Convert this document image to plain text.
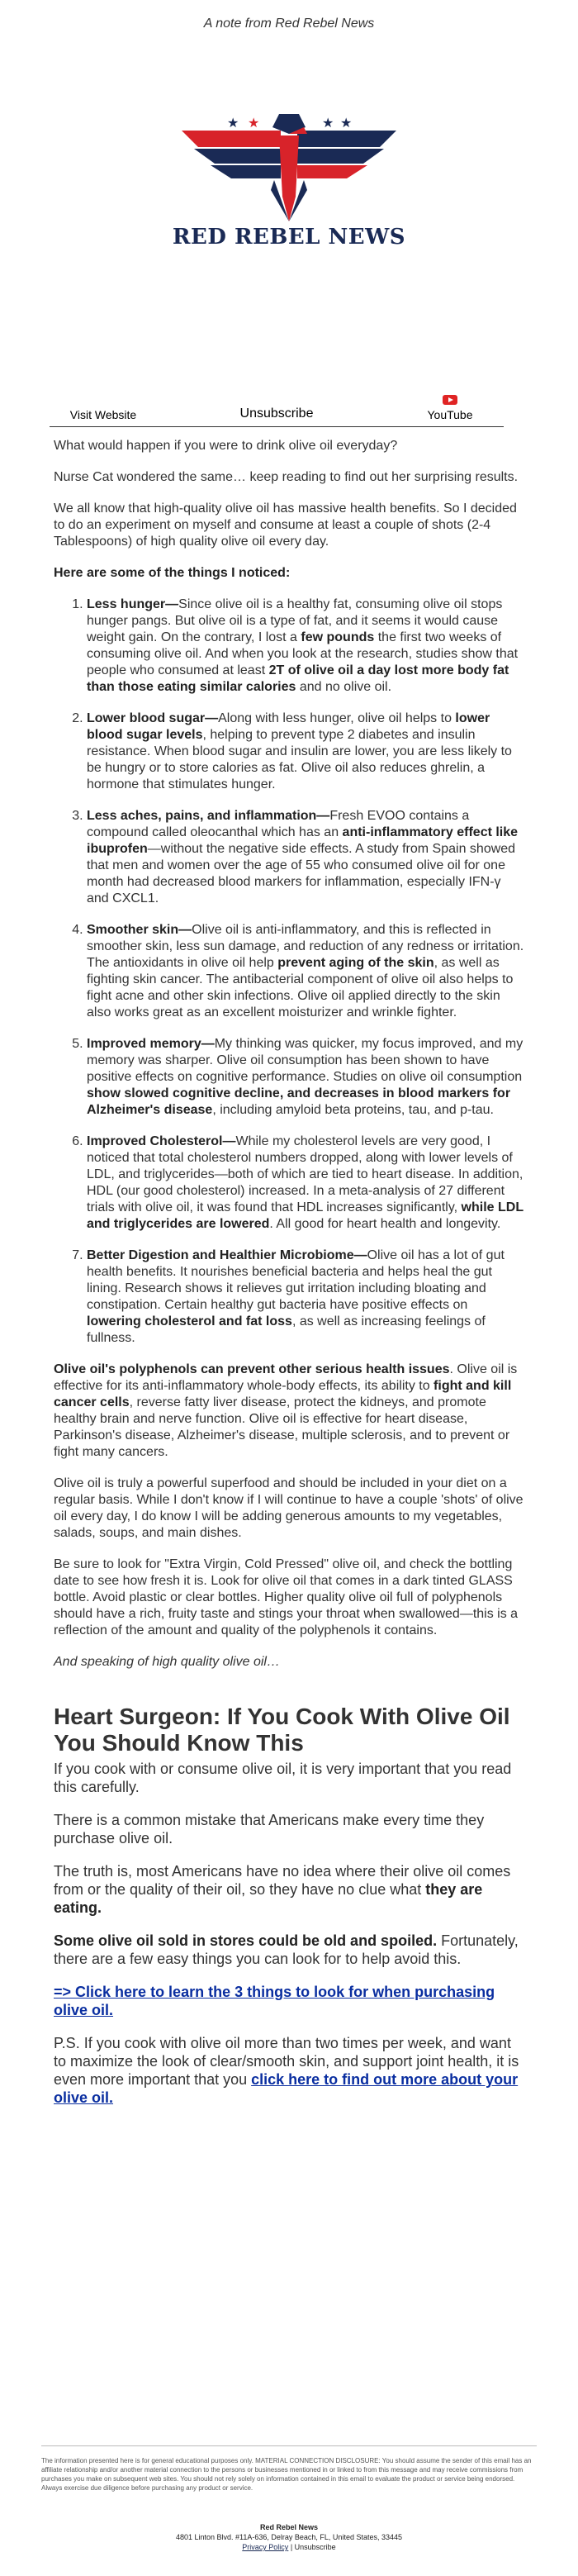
A note from Red Rebel News
★ ★	★ ★
RED REBEL NEWS
Visit Website	Unsubscribe	YouTube

What would happen if you were to drink olive oil everyday?

Nurse Cat wondered the same… keep reading to find out her surprising results.

We all know that high-quality olive oil has massive health benefits. So I decided to do an experiment on myself and consume at least a couple of shots (2-4 Tablespoons) of high quality olive oil every day.

Here are some of the things I noticed:

1. Less hunger—Since olive oil is a healthy fat, consuming olive oil stops hunger pangs. But olive oil is a type of fat, and it seems it would cause weight gain. On the contrary, I lost a few pounds the first two weeks of consuming olive oil. And when you look at the research, studies show that people who consumed at least 2T of olive oil a day lost more body fat than those eating similar calories and no olive oil.
2. Lower blood sugar—Along with less hunger, olive oil helps to lower blood sugar levels, helping to prevent type 2 diabetes and insulin resistance. When blood sugar and insulin are lower, you are less likely to be hungry or to store calories as fat. Olive oil also reduces ghrelin, a hormone that stimulates hunger.
3. Less aches, pains, and inflammation—Fresh EVOO contains a compound called oleocanthal which has an anti-inflammatory effect like ibuprofen—without the negative side effects. A study from Spain showed that men and women over the age of 55 who consumed olive oil for one month had decreased blood markers for inflammation, especially IFN-γ and CXCL1.
4. Smoother skin—Olive oil is anti-inflammatory, and this is reflected in smoother skin, less sun damage, and reduction of any redness or irritation. The antioxidants in olive oil help prevent aging of the skin, as well as fighting skin cancer. The antibacterial component of olive oil also helps to fight acne and other skin infections. Olive oil applied directly to the skin also works great as an excellent moisturizer and wrinkle fighter.
5. Improved memory—My thinking was quicker, my focus improved, and my memory was sharper. Olive oil consumption has been shown to have positive effects on cognitive performance. Studies on olive oil consumption show slowed cognitive decline, and decreases in blood markers for Alzheimer's disease, including amyloid beta proteins, tau, and p-tau.
6. Improved Cholesterol—While my cholesterol levels are very good, I noticed that total cholesterol numbers dropped, along with lower levels of LDL, and triglycerides—both of which are tied to heart disease. In addition, HDL (our good cholesterol) increased. In a meta-analysis of 27 different trials with olive oil, it was found that HDL increases significantly, while LDL and triglycerides are lowered. All good for heart health and longevity.
7. Better Digestion and Healthier Microbiome—Olive oil has a lot of gut health benefits. It nourishes beneficial bacteria and helps heal the gut lining. Research shows it relieves gut irritation including bloating and constipation. Certain healthy gut bacteria have positive effects on lowering cholesterol and fat loss, as well as increasing feelings of fullness.

Olive oil's polyphenols can prevent other serious health issues. Olive oil is effective for its anti-inflammatory whole-body effects, its ability to fight and kill cancer cells, reverse fatty liver disease, protect the kidneys, and promote healthy brain and nerve function. Olive oil is effective for heart disease, Parkinson's disease, Alzheimer's disease, multiple sclerosis, and to prevent or fight many cancers.

Olive oil is truly a powerful superfood and should be included in your diet on a regular basis. While I don't know if I will continue to have a couple 'shots' of olive oil every day, I do know I will be adding generous amounts to my vegetables, salads, soups, and main dishes.

Be sure to look for "Extra Virgin, Cold Pressed" olive oil, and check the bottling date to see how fresh it is. Look for olive oil that comes in a dark tinted GLASS bottle. Avoid plastic or clear bottles. Higher quality olive oil full of polyphenols should have a rich, fruity taste and stings your throat when swallowed—this is a reflection of the amount and quality of the polyphenols it contains.

And speaking of high quality olive oil…

Heart Surgeon: If You Cook With Olive Oil You Should Know This

If you cook with or consume olive oil, it is very important that you read this carefully.

There is a common mistake that Americans make every time they purchase olive oil.

The truth is, most Americans have no idea where their olive oil comes from or the quality of their oil, so they have no clue what they are eating.

Some olive oil sold in stores could be old and spoiled. Fortunately, there are a few easy things you can look for to help avoid this.

=> Click here to learn the 3 things to look for when purchasing olive oil.

P.S. If you cook with olive oil more than two times per week, and want to maximize the look of clear/smooth skin, and support joint health, it is even more important that you click here to find out more about your olive oil.

The information presented here is for general educational purposes only. MATERIAL CONNECTION DISCLOSURE: You should assume the sender of this email has an affiliate relationship and/or another material connection to the persons or businesses mentioned in or linked to from this message and may receive commissions from purchases you make on subsequent web sites. You should not rely solely on information contained in this email to evaluate the product or service being endorsed. Always exercise due diligence before purchasing any product or service.
Red Rebel News
4801 Linton Blvd. #11A-636, Delray Beach, FL, United States, 33445
Privacy Policy | Unsubscribe
